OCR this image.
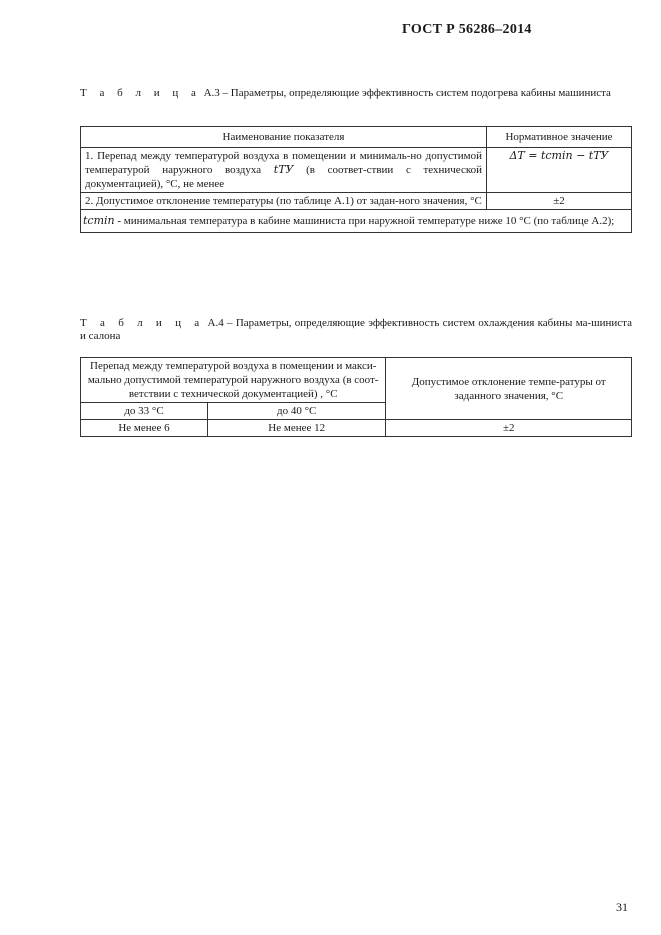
ГОСТ Р 56286–2014
Т а б л и ц а А.3 – Параметры, определяющие эффективность систем подогрева кабины машиниста
Наименование показателя	Нормативное значение
1. Перепад между температурой воздуха в помещении и минималь-но допустимой температурой наружного воздуха tТУ (в соответ-ствии с технической документацией), °С, не менее	ΔТ = tcmin − tТУ
2. Допустимое отклонение температуры (по таблице А.1) от задан-ного значения, °С	±2
tcmin - минимальная температура в кабине машиниста при наружной температуре ниже 10 °С (по таблице А.2);	
Т а б л и ц а А.4 – Параметры, определяющие эффективность систем охлаждения кабины ма-шиниста и салона
Перепад между температурой воздуха в помещении и макси-мально допустимой температурой наружного воздуха (в соот-ветствии с технической документацией) , °С		Допустимое отклонение темпе-ратуры от заданного значения, °С
до 33 °С	до 40 °С	
Не менее 6	Не менее 12	±2
31
